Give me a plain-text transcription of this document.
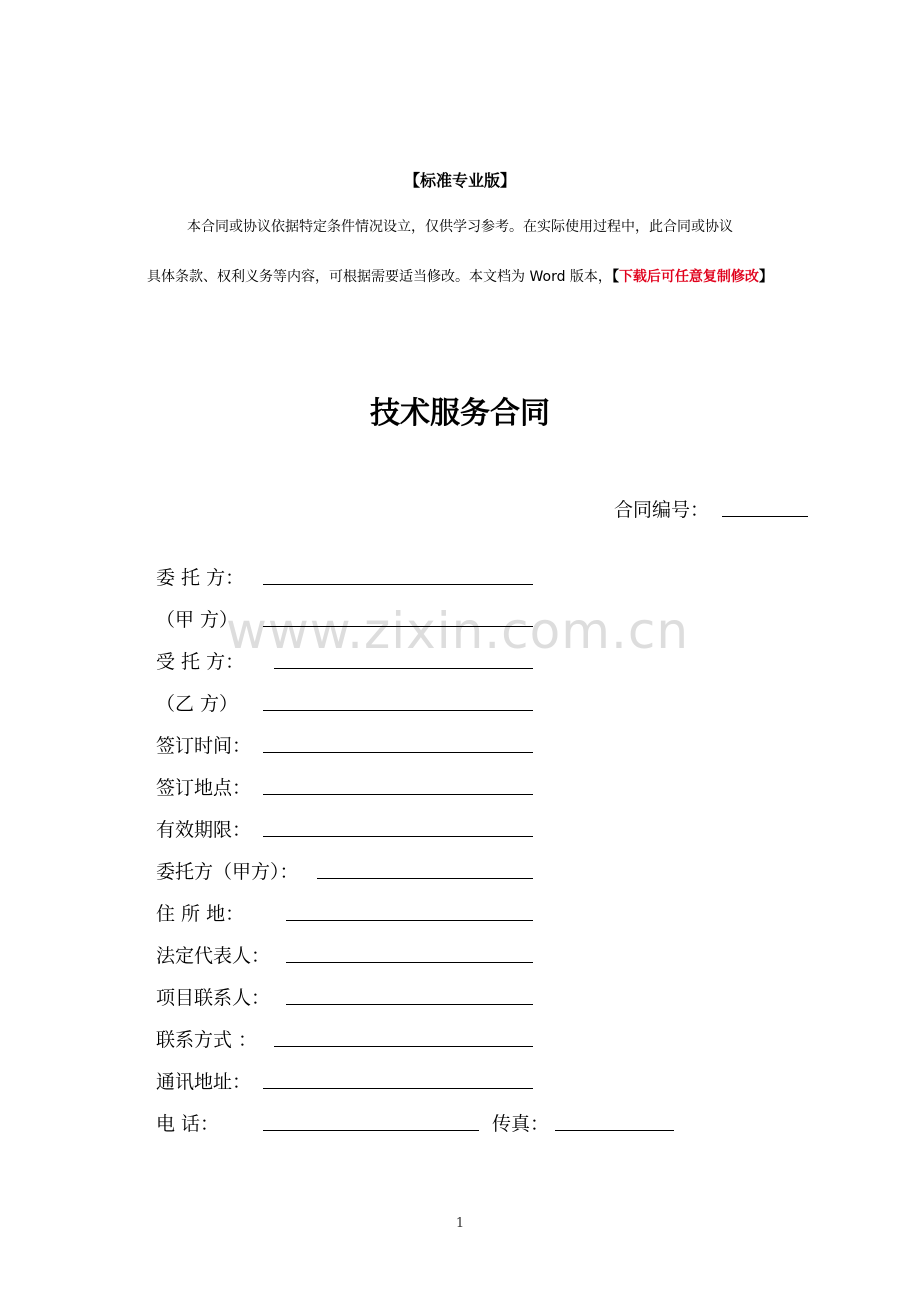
【标准专业版】
本合同或协议依据特定条件情况设立，仅供学习参考。在实际使用过程中，此合同或协议
具体条款、权利义务等内容，可根据需要适当修改。本文档为 Word 版本，【下载后可任意复制修改】
技术服务合同
合同编号：
www.zixin.com.cn
委 托 方：
（甲 方）
受 托 方：
（乙 方）
签订时间：
签订地点：
有效期限：
委托方（甲方）：
住 所 地：
法定代表人：
项目联系人：
联系方式 ：
通讯地址：
电 话：	传真：
1
